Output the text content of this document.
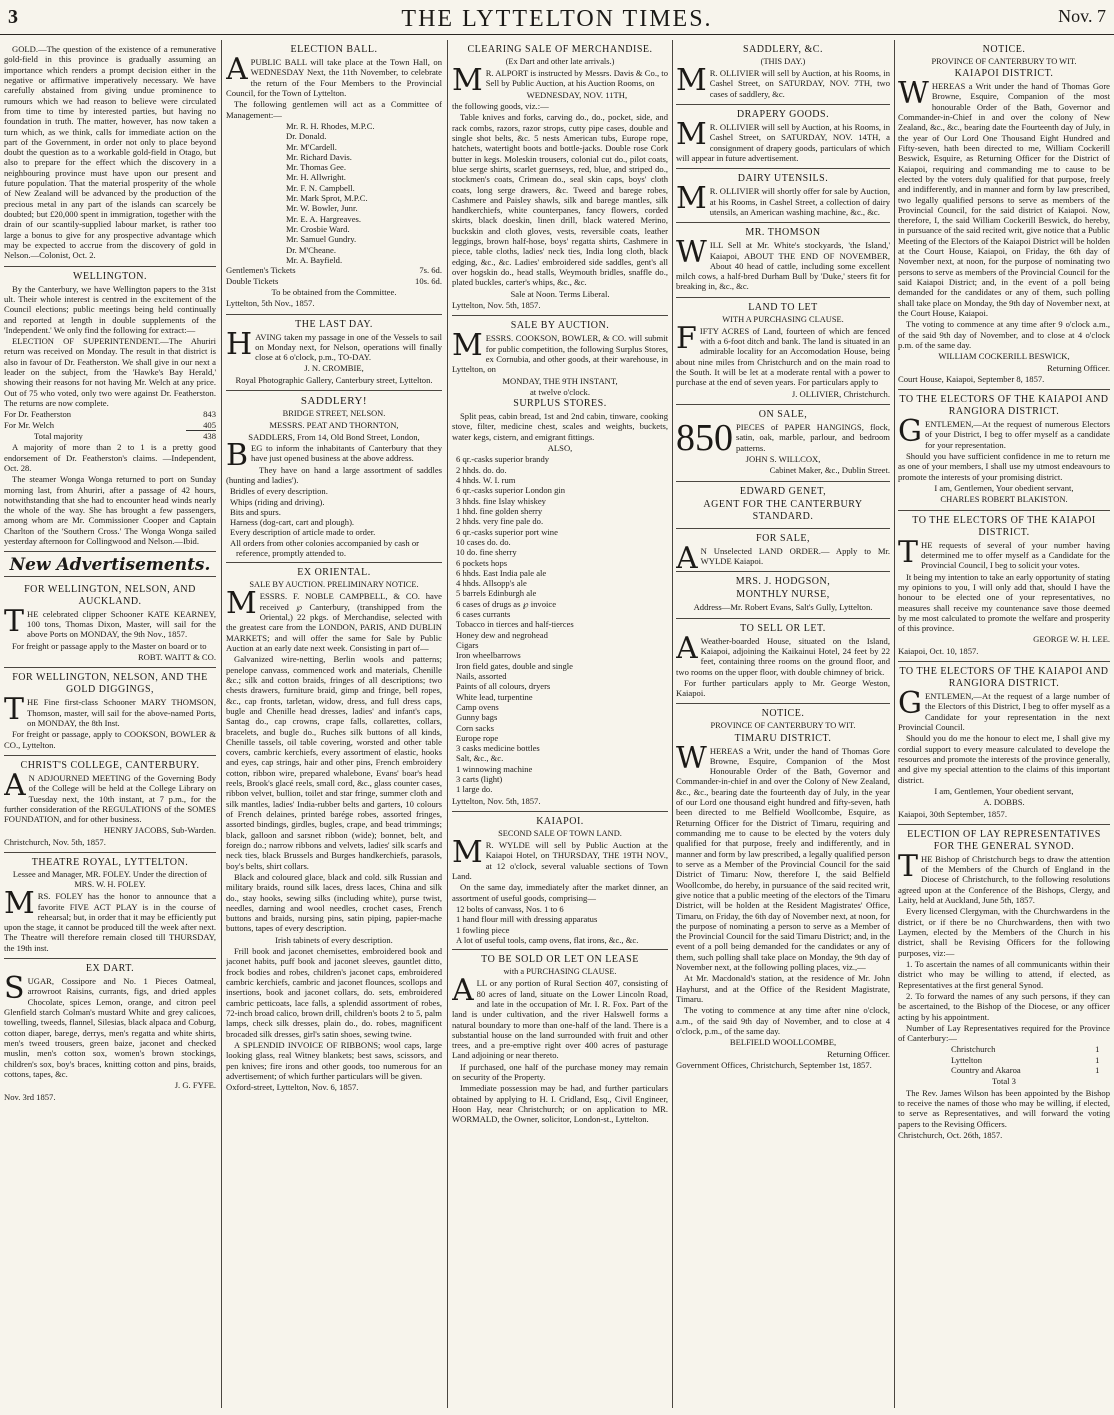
3	THE LYTTELTON TIMES.	Nov. 7

GOLD.—The question of the existence of a remunerative gold-field in this province is gradually assuming an importance which renders a prompt decision either in the negative or affirmative imperatively necessary. We have carefully abstained from giving undue prominence to rumours which we had reason to believe were circulated from time to time by interested parties, but having no foundation in truth. The matter, however, has now taken a turn which, as we think, calls for immediate action on the part of the Government, in order not only to place beyond doubt the question as to a workable gold-field in Otago, but also to prepare for the effect which the discovery in a neighbouring province must have upon our present and future population. That the material prosperity of the whole of New Zealand will be advanced by the production of the precious metal in any part of the islands can scarcely be doubted; but £20,000 spent in immigration, together with the drain of our scantily-supplied labour market, is rather too large a bonus to give for any prospective advantage which may be expected to accrue from the discovery of gold in Nelson.—Colonist, Oct. 2.

WELLINGTON.

By the Canterbury, we have Wellington papers to the 31st ult. Their whole interest is centred in the excitement of the Council elections; public meetings being held continually and reported at length in double supplements of the 'Independent.' We only find the following for extract:—

ELECTION OF SUPERINTENDENT.—The Ahuriri return was received on Monday. The result in that district is also in favour of Dr. Featherston. We shall give in our next a leader on the subject, from the 'Hawke's Bay Herald,' showing their reasons for not having Mr. Welch at any price. Out of 75 who voted, only two were against Dr. Featherston. The returns are now complete.

For Dr. Featherston	843
For Mr. Welch	405
Total majority	438

A majority of more than 2 to 1 is a pretty good endorsement of Dr. Featherston's claims. —Independent, Oct. 28.

The steamer Wonga Wonga returned to port on Sunday morning last, from Ahuriri, after a passage of 42 hours, notwithstanding that she had to encounter head winds nearly the whole of the way. She has brought a few passengers, among whom are Mr. Commissioner Cooper and Captain Charlton of the 'Southern Cross.' The Wonga Wonga sailed yesterday afternoon for Collingwood and Nelson.—Ibid.

New Advertisements.
FOR WELLINGTON, NELSON, AND AUCKLAND.

THE celebrated clipper Schooner KATE KEARNEY, 100 tons, Thomas Dixon, Master, will sail for the above Ports on MONDAY, the 9th Nov., 1857.

For freight or passage apply to the Master on board or to

ROBT. WAITT & CO.
FOR WELLINGTON, NELSON, AND THE GOLD DIGGINGS,

THE Fine first-class Schooner MARY THOMSON, Thomson, master, will sail for the above-named Ports, on MONDAY, the 8th Inst.

For freight or passage, apply to COOKSON, BOWLER & CO., Lyttelton.

CHRIST'S COLLEGE, CANTERBURY.

AN ADJOURNED MEETING of the Governing Body of the College will be held at the College Library on Tuesday next, the 10th instant, at 7 p.m., for the further consideration of the REGULATIONS of the SOMES FOUNDATION, and for other business.

HENRY JACOBS, Sub-Warden.

Christchurch, Nov. 5th, 1857.

THEATRE ROYAL, LYTTELTON.
Lessee and Manager, MR. FOLEY. Under the direction of MRS. W. H. FOLEY.

MRS. FOLEY has the honor to announce that a favorite FIVE ACT PLAY is in the course of rehearsal; but, in order that it may be efficiently put upon the stage, it cannot be produced till the week after next. The Theatre will therefore remain closed till THURSDAY, the 19th inst.

EX DART.

SUGAR, Cossipore and No. 1 Pieces Oatmeal, arrowroot Raisins, currants, figs, and dried apples Chocolate, spices Lemon, orange, and citron peel Glenfield starch Colman's mustard White and grey calicoes, towelling, tweeds, flannel, Silesias, black alpaca and Coburg, cotton diaper, barege, derrys, men's regatta and white shirts, men's tweed trousers, green baize, jaconet and checked muslin, men's cotton sox, women's brown stockings, children's sox, boy's braces, knitting cotton and pins, braids, cottons, tapes, &c.

J. G. FYFE.

Nov. 3rd 1857.

ELECTION BALL.

APUBLIC BALL will take place at the Town Hall, on WEDNESDAY Next, the 11th November, to celebrate the return of the Four Members to the Provincial Council, for the Town of Lyttelton.

The following gentlemen will act as a Committee of Management:—

Mr. R. H. Rhodes, M.P.C.
Dr. Donald.
Mr. M'Cardell.
Mr. Richard Davis.
Mr. Thomas Gee.
Mr. H. Allwright.
Mr. F. N. Campbell.
Mr. Mark Sprot, M.P.C.
Mr. W. Bowler, Junr.
Mr. E. A. Hargreaves.
Mr. Crosbie Ward.
Mr. Samuel Gundry.
Dr. M'Cheane.
Mr. A. Bayfield.
Gentlemen's Tickets	7s. 6d.
Double Tickets	10s. 6d.
To be obtained from the Committee.

Lyttelton, 5th Nov., 1857.

THE LAST DAY.

HAVING taken my passage in one of the Vessels to sail on Monday next, for Nelson, operations will finally close at 6 o'clock, p.m., TO-DAY.

J. N. CROMBIE,
Royal Photographic Gallery, Canterbury street, Lyttelton.
SADDLERY!
BRIDGE STREET, NELSON.
MESSRS. PEAT AND THORNTON,
SADDLERS, From 14, Old Bond Street, London,

BEG to inform the inhabitants of Canterbury that they have just opened business at the above address.

They have on hand a large assortment of saddles (hunting and ladies').

Bridles of every description.
Whips (riding and driving).
Bits and spurs.
Harness (dog-cart, cart and plough).
Every description of article made to order.
All orders from other colonies accompanied by cash or reference, promptly attended to.
EX ORIENTAL.
SALE BY AUCTION. PRELIMINARY NOTICE.

MESSRS. F. NOBLE CAMPBELL, & CO. have received ℘ Canterbury, (transhipped from the Oriental,) 22 pkgs. of Merchandise, selected with the greatest care from the LONDON, PARIS, AND DUBLIN MARKETS; and will offer the same for Sale by Public Auction at an early date next week. Consisting in part of—

Galvanized wire-netting, Berlin wools and patterns; penelope canvass, commenced work and materials, Chenille &c.; silk and cotton braids, fringes of all descriptions; two chests drawers, furniture braid, gimp and fringe, bell ropes, &c., cap fronts, tarletan, widow, dress, and full dress caps, bugle and Chenille head dresses, ladies' and infant's caps, Santag do., cap crowns, crape falls, collarettes, collars, bracelets, and bugle do., Ruches silk buttons of all kinds, Chenille tassels, oil table covering, worsted and other table covers, cambric kerchiefs, every assortment of elastic, hooks and eyes, cap strings, hair and other pins, French embroidery cotton, ribbon wire, prepared whalebone, Evans' boar's head reels, Brook's glacé reels, small cord, &c., glass counter cases, ribbon velvet, bullion, toilet and star fringe, summer cloth and silk mantles, ladies' India-rubber belts and garters, 10 colours of French delaines, printed barége robes, assorted fringes, assorted bindings, girdles, bugles, crape, and bead trimmings; black, galloon and sarsnet ribbon (wide); bonnet, belt, and foreign do.; narrow ribbons and velvets, ladies' silk scarfs and neck ties, black Brussels and Burges handkerchiefs, parasols, boy's belts, shirt collars.

Black and coloured glace, black and cold. silk Russian and military braids, round silk laces, dress laces, China and silk do., stay hooks, sewing silks (including white), purse twist, needles, darning and wool needles, crochet cases, French buttons and braids, nursing pins, satin piping, papier-mache buttons, tapes of every description.

Irish tabinets of every description.

Frill book and jaconet chemisettes, embroidered book and jaconet habits, puff book and jaconet sleeves, gauntlet ditto, frock bodies and robes, children's jaconet caps, embroidered cambric kerchiefs, cambric and jaconet flounces, scollops and insertions, book and jaconet collars, do. sets, embroidered cambric petticoats, lace falls, a splendid assortment of robes, 72-inch broad calico, brown drill, children's boots 2 to 5, palm lamps, check silk dresses, plain do., do. robes, magnificent brocaded silk dresses, girl's satin shoes, sewing twine.

A SPLENDID INVOICE OF RIBBONS; wool caps, large looking glass, real Witney blankets; best saws, scissors, and pen knives; fire irons and other goods, too numerous for an advertisement; of which further particulars will be given.

Oxford-street, Lyttelton, Nov. 6, 1857.

CLEARING SALE OF MERCHANDISE.
(Ex Dart and other late arrivals.)

MR. ALPORT is instructed by Messrs. Davis & Co., to Sell by Public Auction, at his Auction Rooms, on

WEDNESDAY, NOV. 11TH,

the following goods, viz.:—

Table knives and forks, carving do., do., pocket, side, and rack combs, razors, razor strops, cutty pipe cases, double and single shot belts, &c. 5 nests American tubs, Europe rope, hatchets, watertight boots and bottle-jacks. Double rose Cork butter in kegs. Moleskin trousers, colonial cut do., pilot coats, blue serge shirts, scarlet guernseys, red, blue, and striped do., stockmen's coats, Crimean do., seal skin caps, boys' cloth coats, long serge drawers, &c. Tweed and barege robes, Cashmere and Paisley shawls, silk and barege mantles, silk handkerchiefs, white counterpanes, fancy flowers, corded skirts, black doeskin, linen drill, black watered Merino, buckskin and cloth gloves, vests, reversible coats, leather leggings, brown half-hose, boys' regatta shirts, Cashmere in piece, table cloths, ladies' neck ties, India long cloth, black edging, &c., &c. Ladies' embroidered side saddles, gent's all over hogskin do., head stalls, Weymouth bridles, snaffle do., plated buckles, carter's whips, &c., &c.

Sale at Noon. Terms Liberal.

Lyttelton, Nov. 5th, 1857.

SALE BY AUCTION.

MESSRS. COOKSON, BOWLER, & CO. will submit for public competition, the following Surplus Stores, ex Cornubia, and other goods, at their warehouse, in Lyttelton, on

MONDAY, THE 9TH INSTANT,
at twelve o'clock.
SURPLUS STORES.

Split peas, cabin bread, 1st and 2nd cabin, tinware, cooking stove, filter, medicine chest, scales and weights, buckets, water kegs, cistern, and emigrant fittings.

ALSO,
6 qr.-casks superior brandy
2 hhds. do. do.
4 hhds. W. I. rum
6 qr.-casks superior London gin
3 hhds. fine Islay whiskey
1 hhd. fine golden sherry
2 hhds. very fine pale do.
6 qr.-casks superior port wine
10 cases do. do.
10 do. fine sherry
6 pockets hops
6 hhds. East India pale ale
4 hhds. Allsopp's ale
5 barrels Edinburgh ale
6 cases of drugs as ℘ invoice
6 cases currants
Tobacco in tierces and half-tierces
Honey dew and negrohead
Cigars
Iron wheelbarrows
Iron field gates, double and single
Nails, assorted
Paints of all colours, dryers
White lead, turpentine
Camp ovens
Gunny bags
Corn sacks
Europe rope
3 casks medicine bottles
Salt, &c., &c.
1 winnowing machine
3 carts (light)
1 large do.

Lyttelton, Nov. 5th, 1857.

KAIAPOI.
SECOND SALE OF TOWN LAND.

MR. WYLDE will sell by Public Auction at the Kaiapoi Hotel, on THURSDAY, THE 19TH NOV., at 12 o'clock, several valuable sections of Town Land.

On the same day, immediately after the market dinner, an assortment of useful goods, comprising—

12 bolts of canvass, Nos. 1 to 6
1 hand flour mill with dressing apparatus
1 fowling piece
A lot of useful tools, camp ovens, flat irons, &c., &c.
TO BE SOLD OR LET ON LEASE
with a PURCHASING CLAUSE.

ALL or any portion of Rural Section 407, consisting of 80 acres of land, situate on the Lower Lincoln Road, and late in the occupation of Mr. I. R. Fox. Part of the land is under cultivation, and the river Halswell forms a natural boundary to more than one-half of the land. There is a substantial house on the land surrounded with fruit and other trees, and a pre-emptive right over 400 acres of pasturage Land adjoining or near thereto.

If purchased, one half of the purchase money may remain on security of the Property.

Immediate possession may be had, and further particulars obtained by applying to H. I. Cridland, Esq., Civil Engineer, Hoon Hay, near Christchurch; or on application to MR. WORMALD, the Owner, solicitor, London-st., Lyttelton.

SADDLERY, &C.
(THIS DAY.)

MR. OLLIVIER will sell by Auction, at his Rooms, in Cashel Street, on SATURDAY, NOV. 7TH, two cases of saddlery, &c.

DRAPERY GOODS.

MR. OLLIVIER will sell by Auction, at his Rooms, in Cashel Street, on SATURDAY, NOV. 14TH, a consignment of drapery goods, particulars of which will appear in future advertisement.

DAIRY UTENSILS.

MR. OLLIVIER will shortly offer for sale by Auction, at his Rooms, in Cashel Street, a collection of dairy utensils, an American washing machine, &c., &c.

MR. THOMSON

WILL Sell at Mr. White's stockyards, 'the Island,' Kaiapoi, ABOUT THE END OF NOVEMBER, About 40 head of cattle, including some excellent milch cows, a half-bred Durham Bull by 'Duke,' steers fit for breaking in, &c., &c.

LAND TO LET
WITH A PURCHASING CLAUSE.

FIFTY ACRES of Land, fourteen of which are fenced with a 6-foot ditch and bank. The land is situated in an admirable locality for an Accomodation House, being about nine miles from Christchurch and on the main road to the South. It will be let at a moderate rental with a power to purchase at the end of seven years. For particulars apply to

J. OLLIVIER, Christchurch.
ON SALE,
850 PIECES of PAPER HANGINGS, flock, satin, oak, marble, parlour, and bedroom patterns.

JOHN S. WILLCOX,
Cabinet Maker, &c., Dublin Street.
EDWARD GENET,
AGENT FOR THE CANTERBURY STANDARD.
FOR SALE,

AN Unselected LAND ORDER.— Apply to Mr. WYLDE Kaiapoi.

MRS. J. HODGSON,
MONTHLY NURSE,
Address—Mr. Robert Evans, Salt's Gully, Lyttelton.
TO SELL OR LET.

AWeather-boarded House, situated on the Island, Kaiapoi, adjoining the Kaikainui Hotel, 24 feet by 22 feet, containing three rooms on the ground floor, and two rooms on the upper floor, with double chimney of brick.

For further particulars apply to Mr. George Weston, Kaiapoi.

NOTICE.
PROVINCE OF CANTERBURY TO WIT.
TIMARU DISTRICT.

WHEREAS a Writ, under the hand of Thomas Gore Browne, Esquire, Companion of the Most Honourable Order of the Bath, Governor and Commander-in-chief in and over the Colony of New Zealand, &c., &c., bearing date the fourteenth day of July, in the year of our Lord one thousand eight hundred and fifty-seven, hath been directed to me Belfield Woollcombe, Esquire, as Returning Officer for the District of Timaru, requiring and commanding me to cause to be elected by the voters duly qualified for that purpose, freely and indifferently, and in manner and form by law prescribed, a legally qualified person to serve as a Member of the Provincial Council for the said District of Timaru: Now, therefore I, the said Belfield Woollcombe, do hereby, in pursuance of the said recited writ, give notice that a public meeting of the electors of the Timaru District, will be holden at the Resident Magistrates' Office, Timaru, on Friday, the 6th day of November next, at noon, for the purpose of nominating a person to serve as a Member of the Provincial Council for the said Timaru District; and, in the event of a poll being demanded for the candidates or any of them, such polling shall take place on Monday, the 9th day of November next, at the following polling places, viz.,—

At Mr. Macdonald's station, at the residence of Mr. John Hayhurst, and at the Office of the Resident Magistrate, Timaru.

The voting to commence at any time after nine o'clock, a.m., of the said 9th day of November, and to close at 4 o'clock, p.m., of the same day.

BELFIELD WOOLLCOMBE,
Returning Officer.

Government Offices, Christchurch, September 1st, 1857.

NOTICE.
PROVINCE OF CANTERBURY TO WIT.
KAIAPOI DISTRICT.

WHEREAS a Writ under the hand of Thomas Gore Browne, Esquire, Companion of the most honourable Order of the Bath, Governor and Commander-in-Chief in and over the colony of New Zealand, &c., &c., bearing date the Fourteenth day of July, in the year of Our Lord One Thousand Eight Hundred and Fifty-seven, hath been directed to me, William Cockerill Beswick, Esquire, as Returning Officer for the District of Kaiapoi, requiring and commanding me to cause to be elected by the voters duly qualified for that purpose, freely and indifferently, and in manner and form by law prescribed, two legally qualified persons to serve as members of the Provincial Council, for the said district of Kaiapoi. Now, therefore, I, the said William Cockerill Beswick, do hereby, in pursuance of the said recited writ, give notice that a Public Meeting of the Electors of the Kaiapoi District will be holden at the Court House, Kaiapoi, on Friday, the 6th day of November next, at noon, for the purpose of nominating two persons to serve as members of the Provincial Council for the said Kaiapoi District; and, in the event of a poll being demanded for the candidates or any of them, such polling shall take place on Monday, the 9th day of November next, at the Court House, Kaiapoi.

The voting to commence at any time after 9 o'clock a.m., of the said 9th day of November, and to close at 4 o'clock p.m. of the same day.

WILLIAM COCKERILL BESWICK,
Returning Officer.

Court House, Kaiapoi, September 8, 1857.

TO THE ELECTORS OF THE KAIAPOI AND RANGIORA DISTRICT.

GENTLEMEN,—At the request of numerous Electors of your District, I beg to offer myself as a candidate for your representation.

Should you have sufficient confidence in me to return me as one of your members, I shall use my utmost endeavours to promote the interests of your promising district.

I am, Gentlemen, Your obedient servant,
CHARLES ROBERT BLAKISTON.
TO THE ELECTORS OF THE KAIAPOI DISTRICT.

THE requests of several of your number having determined me to offer myself as a Candidate for the Provincial Council, I beg to solicit your votes.

It being my intention to take an early opportunity of stating my opinions to you, I will only add that, should I have the honour to be elected one of your representatives, no measures shall receive my countenance save those deemed by me most calculated to promote the welfare and prosperity of this province.

GEORGE W. H. LEE.

Kaiapoi, Oct. 10, 1857.

TO THE ELECTORS OF THE KAIAPOI AND RANGIORA DISTRICT.

GENTLEMEN,—At the request of a large number of the Electors of this District, I beg to offer myself as a Candidate for your representation in the next Provincial Council.

Should you do me the honour to elect me, I shall give my cordial support to every measure calculated to develope the resources and promote the interests of the province generally, and give my special attention to the claims of this important district.

I am, Gentlemen, Your obedient servant,
A. DOBBS.

Kaiapoi, 30th September, 1857.

ELECTION OF LAY REPRESENTATIVES FOR THE GENERAL SYNOD.

THE Bishop of Christchurch begs to draw the attention of the Members of the Church of England in the Diocese of Christchurch, to the following resolutions agreed upon at the Conference of the Bishops, Clergy, and Laity, held at Auckland, June 5th, 1857.

Every licensed Clergyman, with the Churchwardens in the district, or if there be no Churchwardens, then with two Laymen, elected by the Members of the Church in his district, shall be Revising Officers for the following purposes, viz:—

1. To ascertain the names of all communicants within their district who may be willing to attend, if elected, as Representatives at the first general Synod.

2. To forward the names of any such persons, if they can be ascertained, to the Bishop of the Diocese, or any officer acting by his appointment.

Number of Lay Representatives required for the Province of Canterbury:—

Christchurch	1
Lyttelton	1
Country and Akaroa	1
Total 3

The Rev. James Wilson has been appointed by the Bishop to receive the names of those who may be willing, if elected, to serve as Representatives, and will forward the voting papers to the Revising Officers.

Christchurch, Oct. 26th, 1857.
